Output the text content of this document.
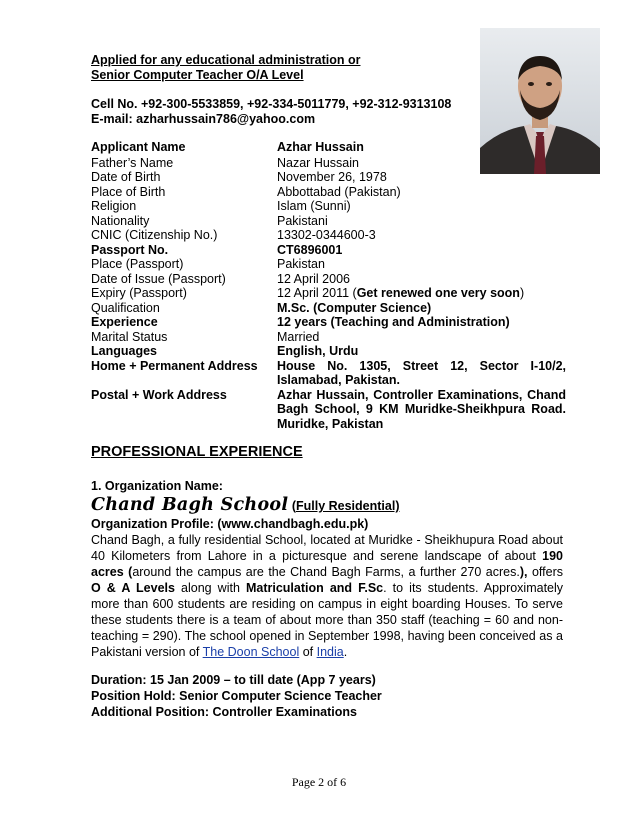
Applied for any educational administration or
Senior Computer Teacher O/A Level
Cell No. +92-300-5533859, +92-334-5011779, +92-312-9313108
E-mail: azharhussain786@yahoo.com
Applicant Name	Azhar Hussain
Father’s Name	Nazar Hussain
Date of Birth	November 26, 1978
Place of Birth	Abbottabad (Pakistan)
Religion	Islam (Sunni)
Nationality	Pakistani
CNIC (Citizenship No.)	13302-0344600-3
Passport No.	CT6896001
Place (Passport)	Pakistan
Date of Issue (Passport)	12 April 2006
Expiry (Passport)	12 April 2011 (Get renewed one very soon)
Qualification	M.Sc. (Computer Science)
Experience	12 years (Teaching and Administration)
Marital Status	Married
Languages	English, Urdu
Home + Permanent Address	House No. 1305, Street 12, Sector I-10/2, Islamabad, Pakistan.
Postal + Work Address	Azhar Hussain, Controller Examinations, Chand Bagh School, 9 KM Muridke-Sheikhpura Road. Muridke, Pakistan
PROFESSIONAL EXPERIENCE
1. Organization Name:
Chand Bagh School (Fully Residential)
Organization Profile: (www.chandbagh.edu.pk)
Chand Bagh, a fully residential School, located at Muridke - Sheikhupura Road about 40 Kilometers from Lahore in a picturesque and serene landscape of about 190 acres (around the campus are the Chand Bagh Farms, a further 270 acres.), offers O & A Levels along with Matriculation and F.Sc. to its students. Approximately more than 600 students are residing on campus in eight boarding Houses. To serve these students there is a team of about more than 350 staff (teaching = 60 and non-teaching = 290). The school opened in September 1998, having been conceived as a Pakistani version of The Doon School of India.
Duration: 15 Jan 2009 – to till date (App 7 years)
Position Hold: Senior Computer Science Teacher
Additional Position: Controller Examinations
Page 2 of 6
